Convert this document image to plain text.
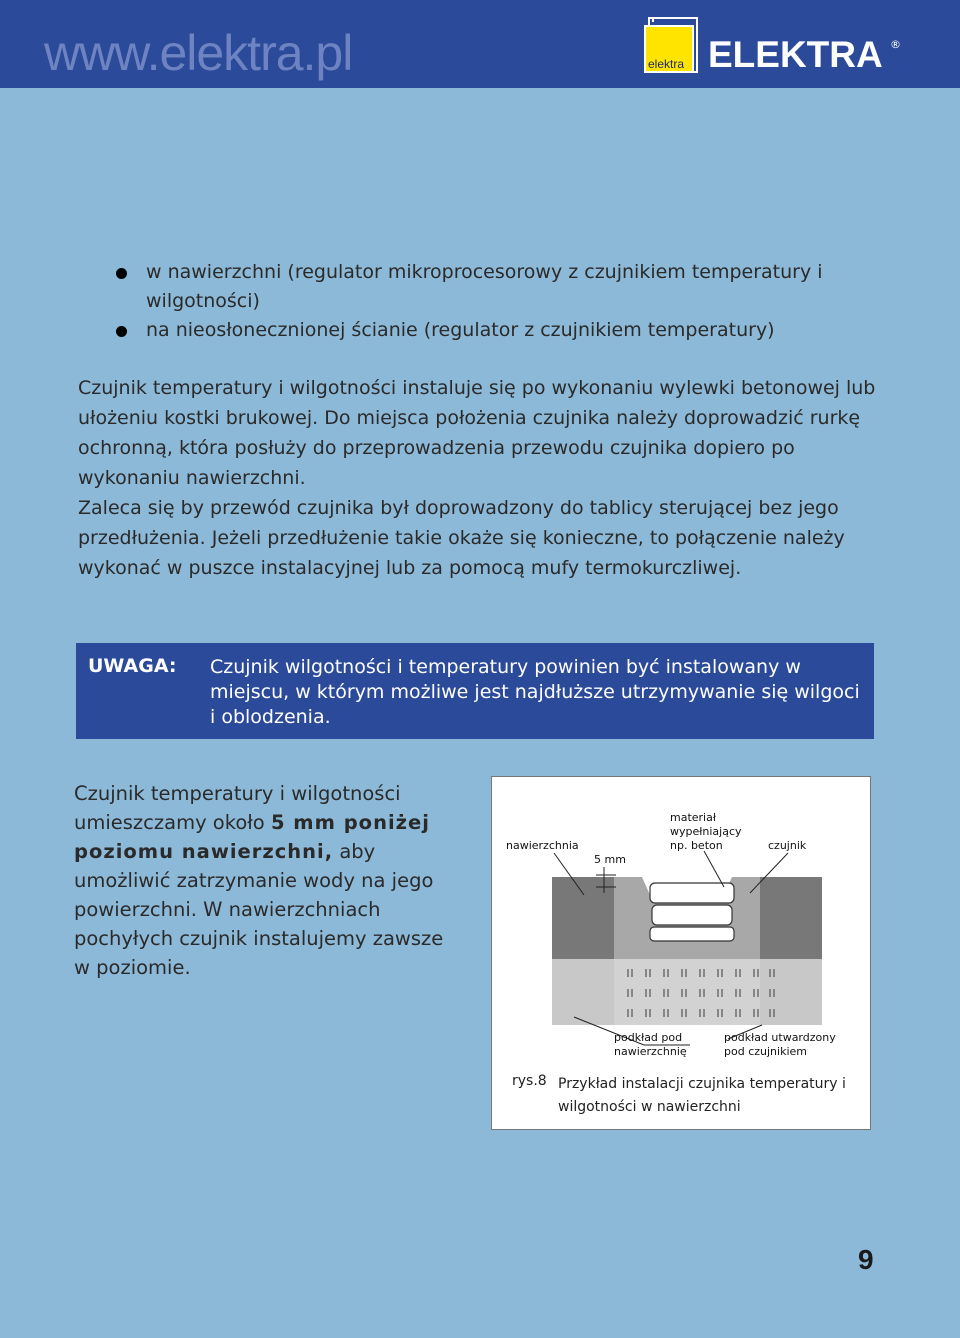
www.elektra.pl	elektra ELEKTRA ®
w nawierzchni (regulator mikroprocesorowy z czujnikiem temperatury i wilgotności)
na nieosłonecznionej ścianie (regulator z czujnikiem temperatury)

Czujnik temperatury i wilgotności instaluje się po wykonaniu wylewki betonowej lub ułożeniu kostki brukowej. Do miejsca położenia czujnika należy doprowadzić rurkę ochronną, która posłuży do przeprowadzenia przewodu czujnika dopiero po wykonaniu nawierzchni.

Zaleca się by przewód czujnika był doprowadzony do tablicy sterującej bez jego przedłużenia. Jeżeli przedłużenie takie okaże się konieczne, to połączenie należy wykonać w puszce instalacyjnej lub za pomocą mufy termokurczliwej.

UWAGA: Czujnik wilgotności i temperatury powinien być instalowany w miejscu, w którym możliwe jest najdłuższe utrzymywanie się wilgoci i oblodzenia.
Czujnik temperatury i wilgotności umieszczamy około 5 mm poniżej poziomu nawierzchni, aby umożliwić zatrzymanie wody na jego powierzchni. W nawierzchniach pochyłych czujnik instalujemy zawsze w poziomie.
nawierzchnia
5 mm
materiał
wypełniający
np. beton	czujnik
podkład pod
nawierzchnię
podkład utwardzony
pod czujnikiem
rys.8 Przykład instalacji czujnika temperatury i wilgotności w nawierzchni
9
